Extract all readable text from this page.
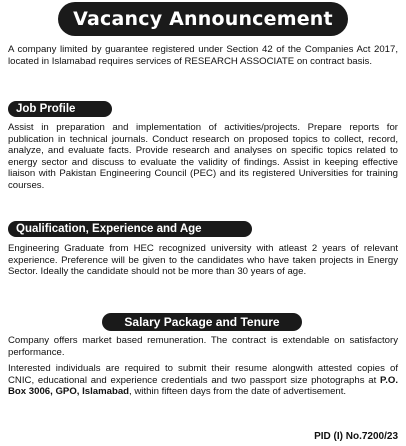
Vacancy Announcement
A company limited by guarantee registered under Section 42 of the Companies Act 2017, located in Islamabad requires services of RESEARCH ASSOCIATE on contract basis.
Job Profile
Assist in preparation and implementation of activities/projects. Prepare reports for publication in technical journals. Conduct research on proposed topics to collect, record, analyze, and evaluate facts. Provide research and analyses on specific topics related to energy sector and discuss to evaluate the validity of findings. Assist in keeping effective liaison with Pakistan Engineering Council (PEC) and its registered Universities for training courses.
Qualification, Experience and Age
Engineering Graduate from HEC recognized university with atleast 2 years of relevant experience. Preference will be given to the candidates who have taken projects in Energy Sector. Ideally the candidate should not be more than 30 years of age.
Salary Package and Tenure
Company offers market based remuneration. The contract is extendable on satisfactory performance.
Interested individuals are required to submit their resume alongwith attested copies of CNIC, educational and experience credentials and two passport size photographs at P.O. Box 3006, GPO, Islamabad, within fifteen days from the date of advertisement.
PID (I) No.7200/23
